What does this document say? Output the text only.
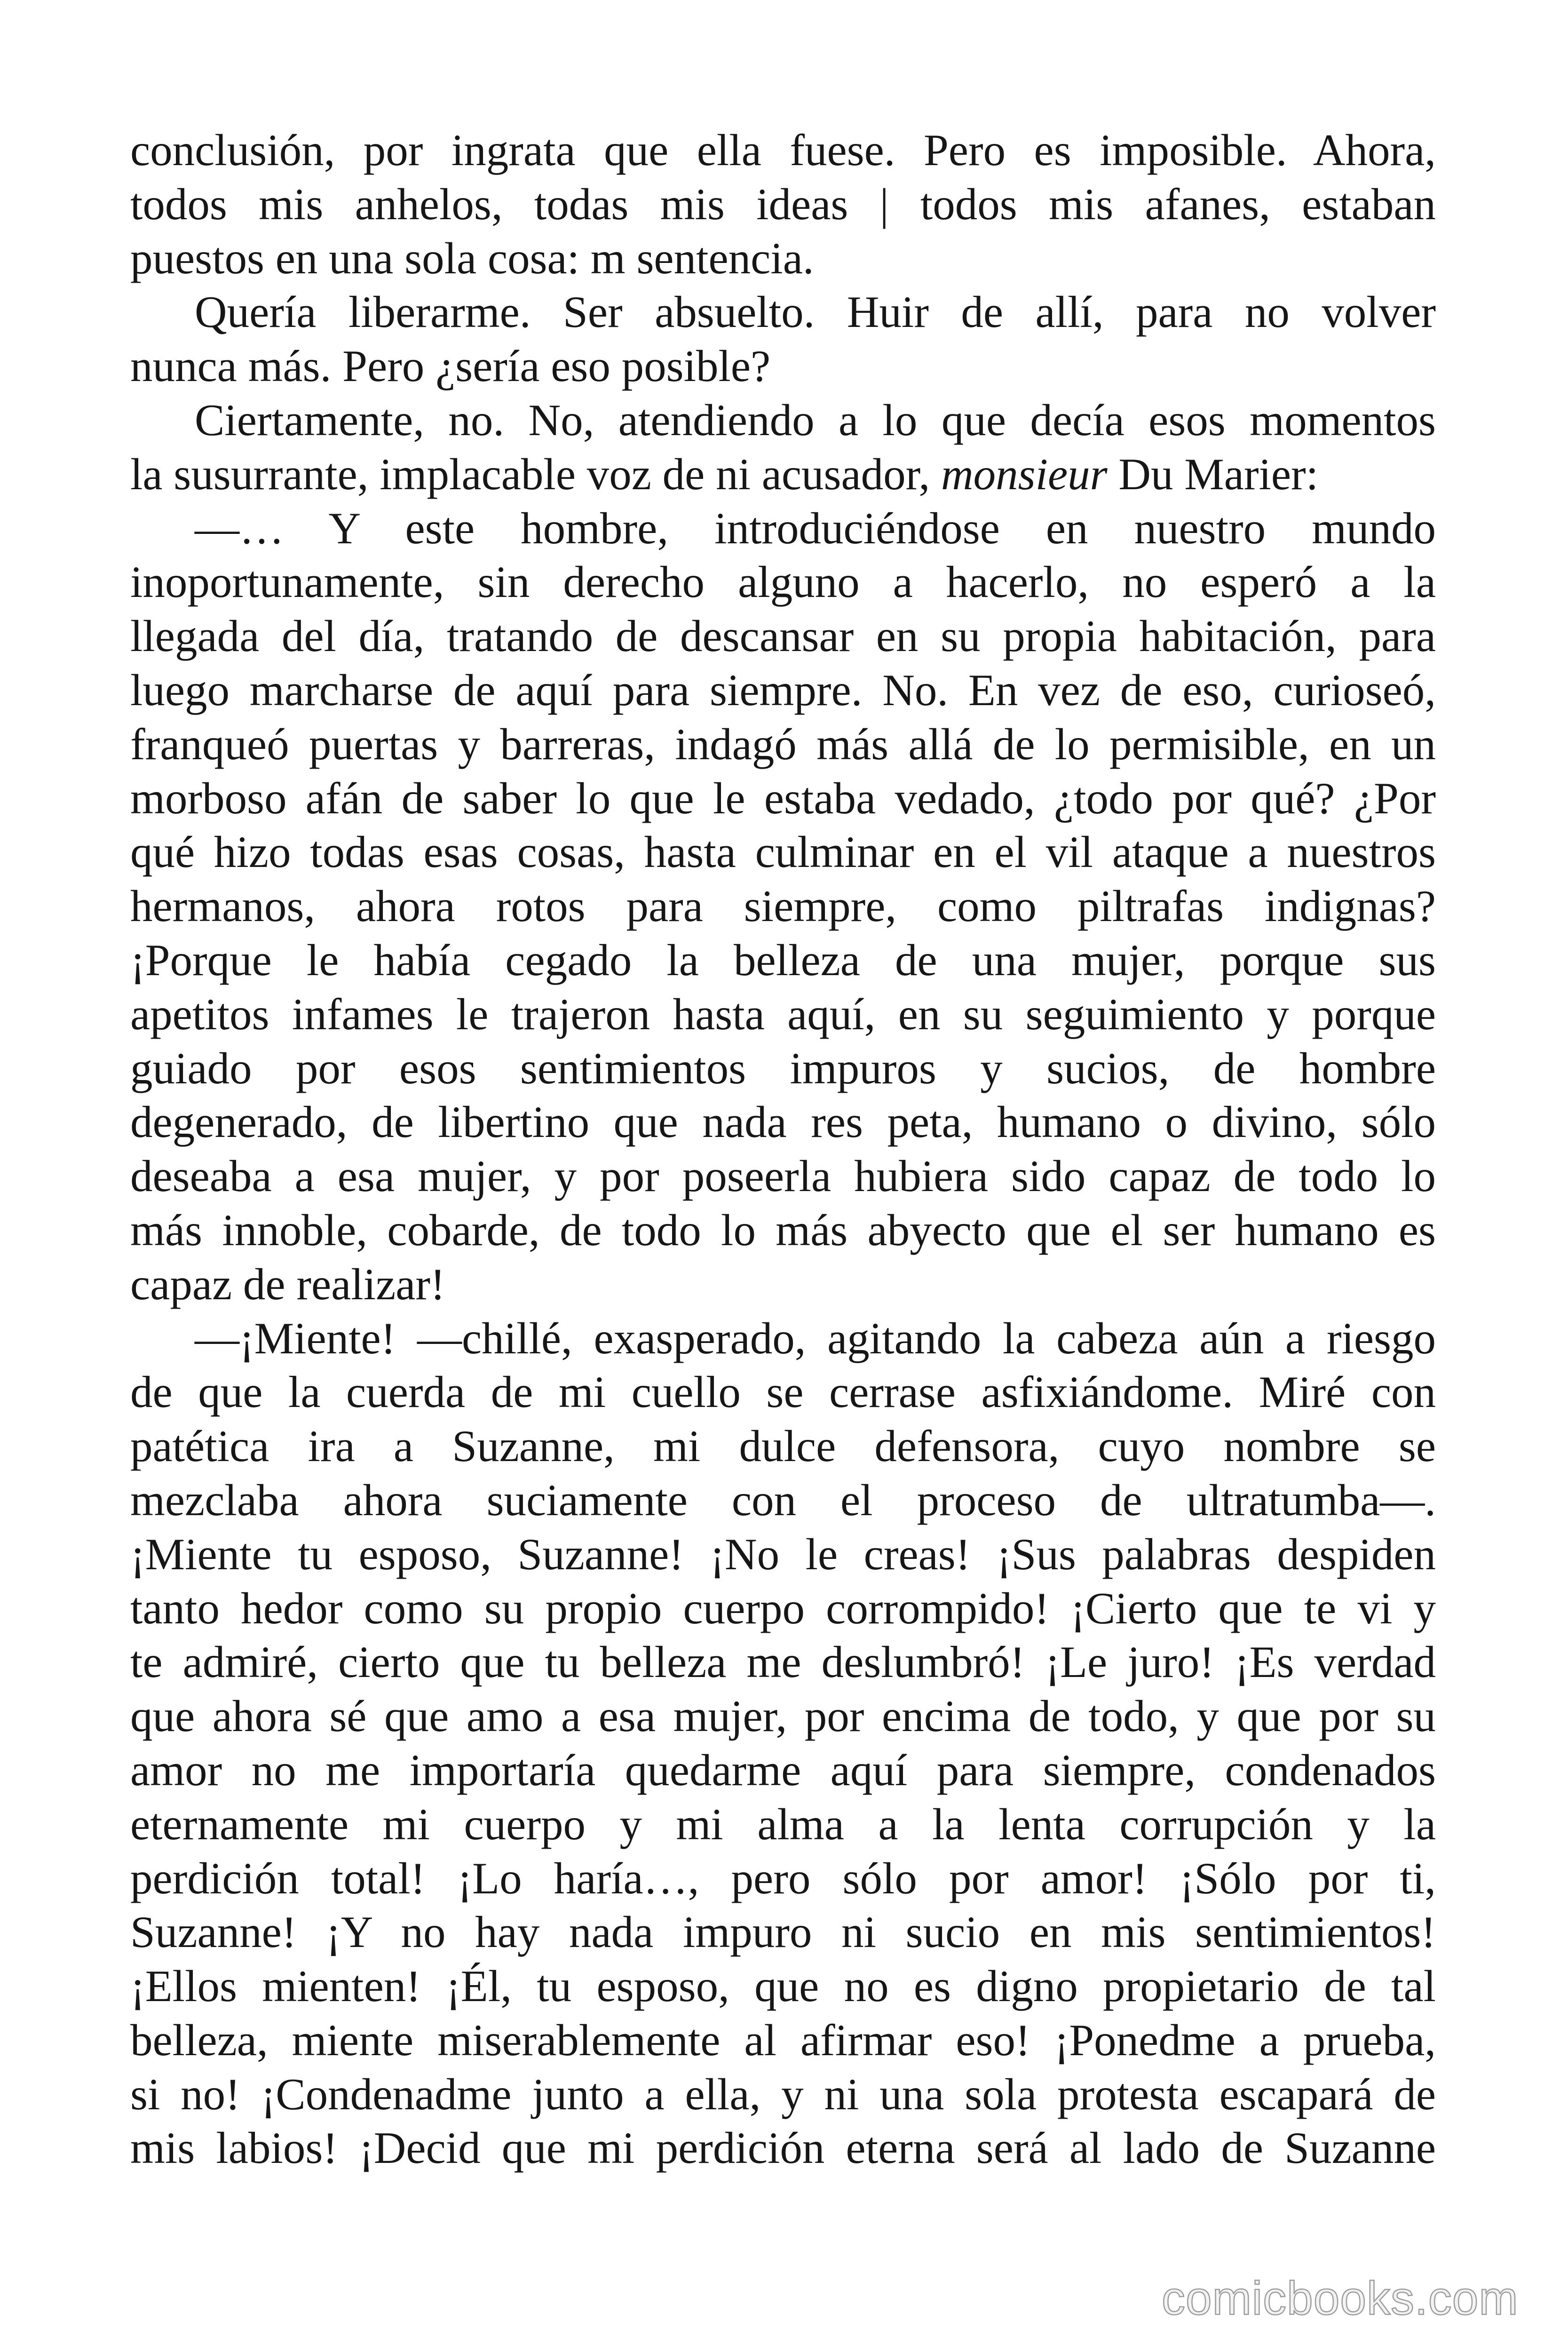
conclusión, por ingrata que ella fuese. Pero es imposible. Ahora,
todos mis anhelos, todas mis ideas | todos mis afanes, estaban
puestos en una sola cosa: m sentencia.
Quería liberarme. Ser absuelto. Huir de allí, para no volver
nunca más. Pero ¿sería eso posible?
Ciertamente, no. No, atendiendo a lo que decía esos momentos
la susurrante, implacable voz de ni acusador, monsieur Du Marier:
—… Y este hombre, introduciéndose en nuestro mundo
inoportunamente, sin derecho alguno a hacerlo, no esperó a la
llegada del día, tratando de descansar en su propia habitación, para
luego marcharse de aquí para siempre. No. En vez de eso, curioseó,
franqueó puertas y barreras, indagó más allá de lo permisible, en un
morboso afán de saber lo que le estaba vedado, ¿todo por qué? ¿Por
qué hizo todas esas cosas, hasta culminar en el vil ataque a nuestros
hermanos, ahora rotos para siempre, como piltrafas indignas?
¡Porque le había cegado la belleza de una mujer, porque sus
apetitos infames le trajeron hasta aquí, en su seguimiento y porque
guiado por esos sentimientos impuros y sucios, de hombre
degenerado, de libertino que nada res peta, humano o divino, sólo
deseaba a esa mujer, y por poseerla hubiera sido capaz de todo lo
más innoble, cobarde, de todo lo más abyecto que el ser humano es
capaz de realizar!
—¡Miente! —chillé, exasperado, agitando la cabeza aún a riesgo
de que la cuerda de mi cuello se cerrase asfixiándome. Miré con
patética ira a Suzanne, mi dulce defensora, cuyo nombre se
mezclaba ahora suciamente con el proceso de ultratumba—.
¡Miente tu esposo, Suzanne! ¡No le creas! ¡Sus palabras despiden
tanto hedor como su propio cuerpo corrompido! ¡Cierto que te vi y
te admiré, cierto que tu belleza me deslumbró! ¡Le juro! ¡Es verdad
que ahora sé que amo a esa mujer, por encima de todo, y que por su
amor no me importaría quedarme aquí para siempre, condenados
eternamente mi cuerpo y mi alma a la lenta corrupción y la
perdición total! ¡Lo haría…, pero sólo por amor! ¡Sólo por ti,
Suzanne! ¡Y no hay nada impuro ni sucio en mis sentimientos!
¡Ellos mienten! ¡Él, tu esposo, que no es digno propietario de tal
belleza, miente miserablemente al afirmar eso! ¡Ponedme a prueba,
si no! ¡Condenadme junto a ella, y ni una sola protesta escapará de
mis labios! ¡Decid que mi perdición eterna será al lado de Suzanne
comicbooks.com
